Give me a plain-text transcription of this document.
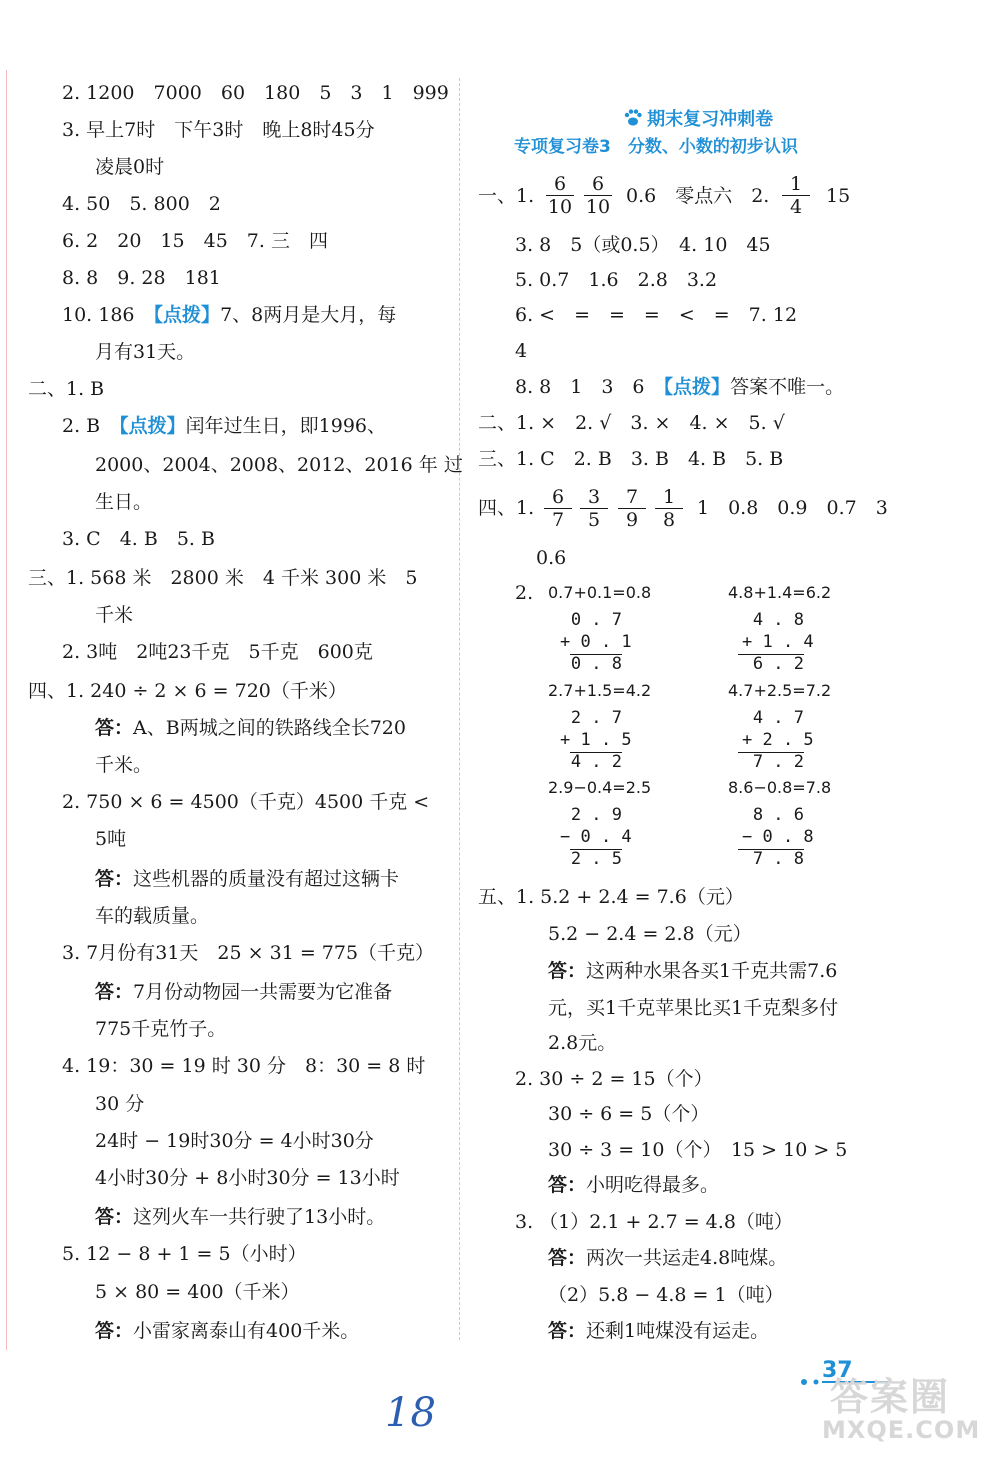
2. 1200　7000　60　180　5　3　1　999
3. 早上7时　下午3时　晚上8时45分
凌晨0时
4. 50　5. 800　2
6. 2　20　15　45　7. 三　四
8. 8　9. 28　181
10. 186　 【点拨】7、8两月是大月，每
月有31天。
二、1. B
2. B　 【点拨】闰年过生日，即1996、
2000、2004、2008、2012、2016 年 过
生日。
3. C　4. B　5. B
三、1. 568 米　2800 米　4 千米 300 米　5
千米
2. 3吨　2吨23千克　5千克　600克
四、1. 240 ÷ 2 × 6 = 720（千米）
答：A、B两城之间的铁路线全长720
千米。
2. 750 × 6 = 4500（千克）4500 千克 <
5吨
答：这些机器的质量没有超过这辆卡
车的载质量。
3. 7月份有31天　25 × 31 = 775（千克）
答：7月份动物园一共需要为它准备
775千克竹子。
4. 19：30 = 19 时 30 分　8：30 = 8 时
30 分
24时 − 19时30分 = 4小时30分
4小时30分 + 8小时30分 = 13小时
答：这列火车一共行驶了13小时。
5. 12 − 8 + 1 = 5（小时）
5 × 80 = 400（千米）
答：小雷家离泰山有400千米。

期末复习冲刺卷

专项复习卷3　分数、小数的初步认识
一、1. $\frac{6}{10} \frac{6}{10} 0.6$　零点六　2. $\frac{1}{4} 15$
3. 8　5（或0.5）　4. 10　45
5. 0.7　1.6　2.8　3.2
6. <　=　=　=　<　=　7. 12
4
8. 8　1　3　6　 【点拨】答案不唯一。
二、1. ×　2. √　3. ×　4. ×　5. √
三、1. C　2. B　3. B　4. B　5. B
四、1. $\frac{6}{7} \frac{3}{5} \frac{7}{9} \frac{1}{8} 1$　0.8　0.9　0.7　3
0.6
2. 0.7+0.1=0.8
0 . 7
+ 0 . 1
0 . 8
4.8+1.4=6.2
4 . 8
+ 1 . 4
6 . 2
2.7+1.5=4.2
2 . 7
+ 1 . 5
4 . 2
4.7+2.5=7.2
4 . 7
+ 2 . 5
7 . 2
2.9−0.4=2.5
2 . 9
− 0 . 4
2 . 5
8.6−0.8=7.8
8 . 6
− 0 . 8
7 . 8
五、1. 5.2 + 2.4 = 7.6（元）
5.2 − 2.4 = 2.8（元）
答：这两种水果各买1千克共需7.6
元，买1千克苹果比买1千克梨多付
2.8元。
2. 30 ÷ 2 = 15（个）
30 ÷ 6 = 5（个）
30 ÷ 3 = 10（个）　15 > 10 > 5
答：小明吃得最多。
3. （1）2.1 + 2.7 = 4.8（吨）
答：两次一共运走4.8吨煤。
（2）5.8 − 4.8 = 1（吨）
答：还剩1吨煤没有运走。
37
答案圈
MXQE.COM
18
